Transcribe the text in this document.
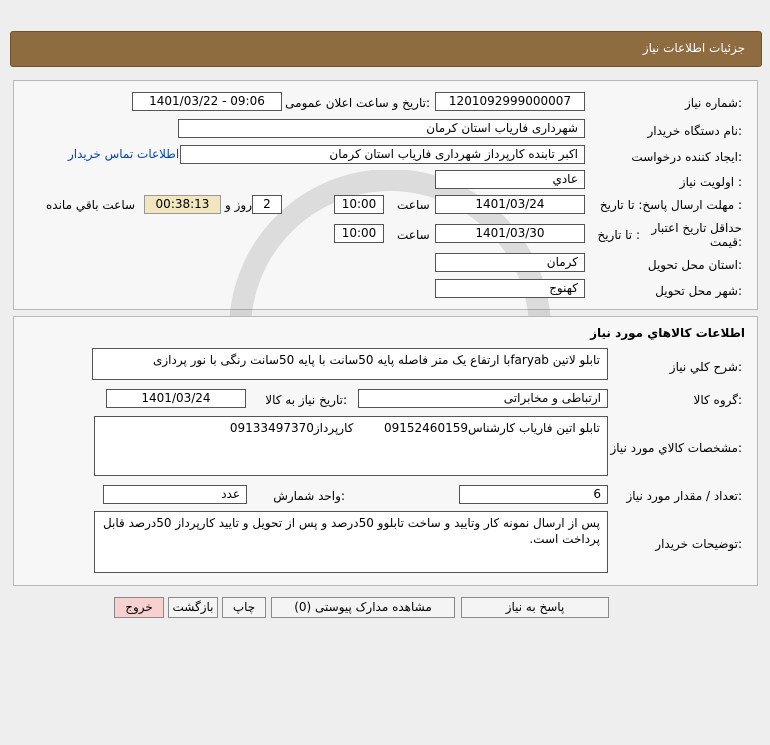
جزئیات اطلاعات نیاز
شماره نیاز:
1201092999000007
تاریخ و ساعت اعلان عمومی:
1401/03/22 - 09:06
نام دستگاه خریدار:
شهرداری فاریاب استان کرمان
ایجاد کننده درخواست:
اکبر تابنده کارپرداز شهرداری فاریاب استان کرمان
اطلاعات تماس خریدار
اولویت نیاز :
عادي
مهلت ارسال پاسخ: تا تاریخ :
1401/03/24
ساعت
10:00
2
روز و
00:38:13
ساعت باقي مانده
حداقل تاریخ اعتبار قیمت:
تا تاریخ :
1401/03/30
ساعت
10:00
استان محل تحویل:
کرمان
شهر محل تحویل:
کهنوج
اطلاعات کالاهاي مورد نياز
شرح کلي نياز:
تابلو لاتین faryabبا ارتفاع یک متر فاصله پایه 50سانت با پایه 50سانت رنگی با نور پردازی
گروه کالا:
ارتباطی و مخابراتی
تاریخ نیاز به کالا:
1401/03/24
مشخصات کالاي مورد نياز:
تابلو اتین فاریاب کارشناس09152460159        کارپرداز09133497370
تعداد / مقدار مورد نیاز:
6
واحد شمارش:
عدد
توضیحات خریدار:
پس از ارسال نمونه کار وتایید و ساخت تابلوو 50درصد و پس از تحویل و تایید کارپرداز 50درصد قابل پرداخت است.
پاسخ به نیاز
مشاهده مدارک پیوستی (0)
چاپ
بازگشت
خروج
